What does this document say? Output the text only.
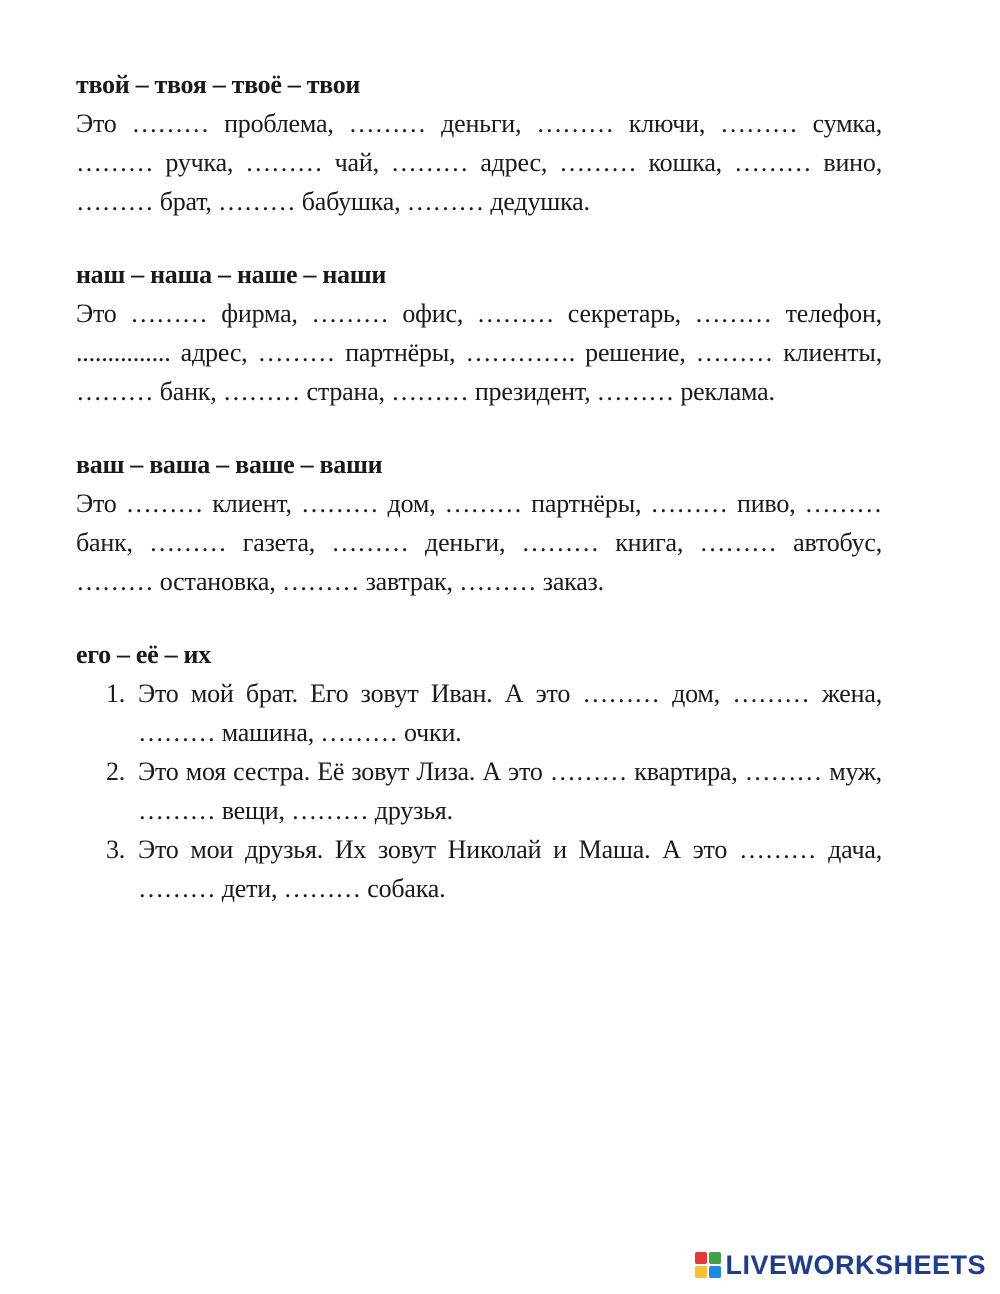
твой – твоя – твоё – твои
Это ……… проблема, ……… деньги, ……… ключи, ……… сумка, ……… ручка, ……… чай, ……… адрес, ……… кошка, ……… вино, ……… брат, ……… бабушка, ……… дедушка.
наш – наша – наше – наши
Это ……… фирма, ……… офис, ……… секретарь, ……… телефон, ............... адрес, ……… партнёры, …………. решение, ……… клиенты, ……… банк, ……… страна, ……… президент, ……… реклама.
ваш – ваша – ваше – ваши
Это ……… клиент, ……… дом, ……… партнёры, ……… пиво, ……… банк, ……… газета, ……… деньги, ……… книга, ……… автобус, ……… остановка, ……… завтрак, ……… заказ.
его – её – их
1. Это мой брат. Его зовут Иван. А это ……… дом, ……… жена, ……… машина, ……… очки.
2. Это моя сестра. Её зовут Лиза. А это ……… квартира, ……… муж, ……… вещи, ……… друзья.
3. Это мои друзья. Их зовут Николай и Маша. А это ……… дача, ……… дети, ……… собака.
LIVEWORKSHEETS
